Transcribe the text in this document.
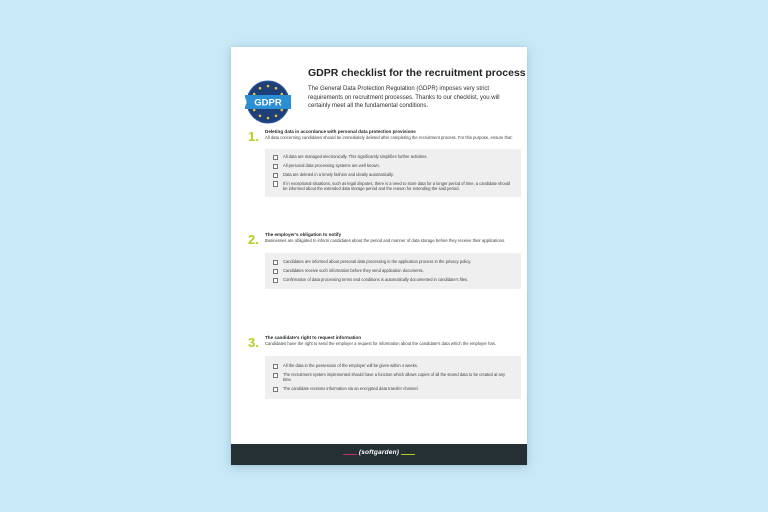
GDPR
GDPR checklist for the recruitment process
The General Data Protection Regulation (GDPR) imposes very strict requirements on recruitment processes. Thanks to our checklist, you will certainly meet all the fundamental conditions.
1. Deleting data in accordance with personal data protection provisions
All data concerning candidates should be immediately deleted after completing the recruitment process. For this purpose, ensure that:
All data are managed electronically. This significantly simplifies further activities.
All personal data processing systems are well known.
Data are deleted in a timely fashion and ideally automatically.
If in exceptional situations, such as legal disputes, there is a need to store data for a longer period of time, a candidate should be informed about the extended data storage period and the reason for extending the said period.
2. The employer's obligation to notify
Businesses are obligated to inform candidates about the period and manner of data storage before they receive their applications.
Candidates are informed about personal data processing in the application process in the privacy policy.
Candidates receive such information before they send application documents.
Confirmation of data processing terms and conditions is automatically documented in candidate's files.
3. The candidate's right to request information
Candidates have the right to send the employer a request for information about the candidate's data which the employer has.
All the data in the possession of the employer will be given within 4 weeks.
The recruitment system implemented should have a function which allows copies of all the stored data to be created at any time.
The candidate receives information via an encrypted data transfer channel.
(softgarden)
